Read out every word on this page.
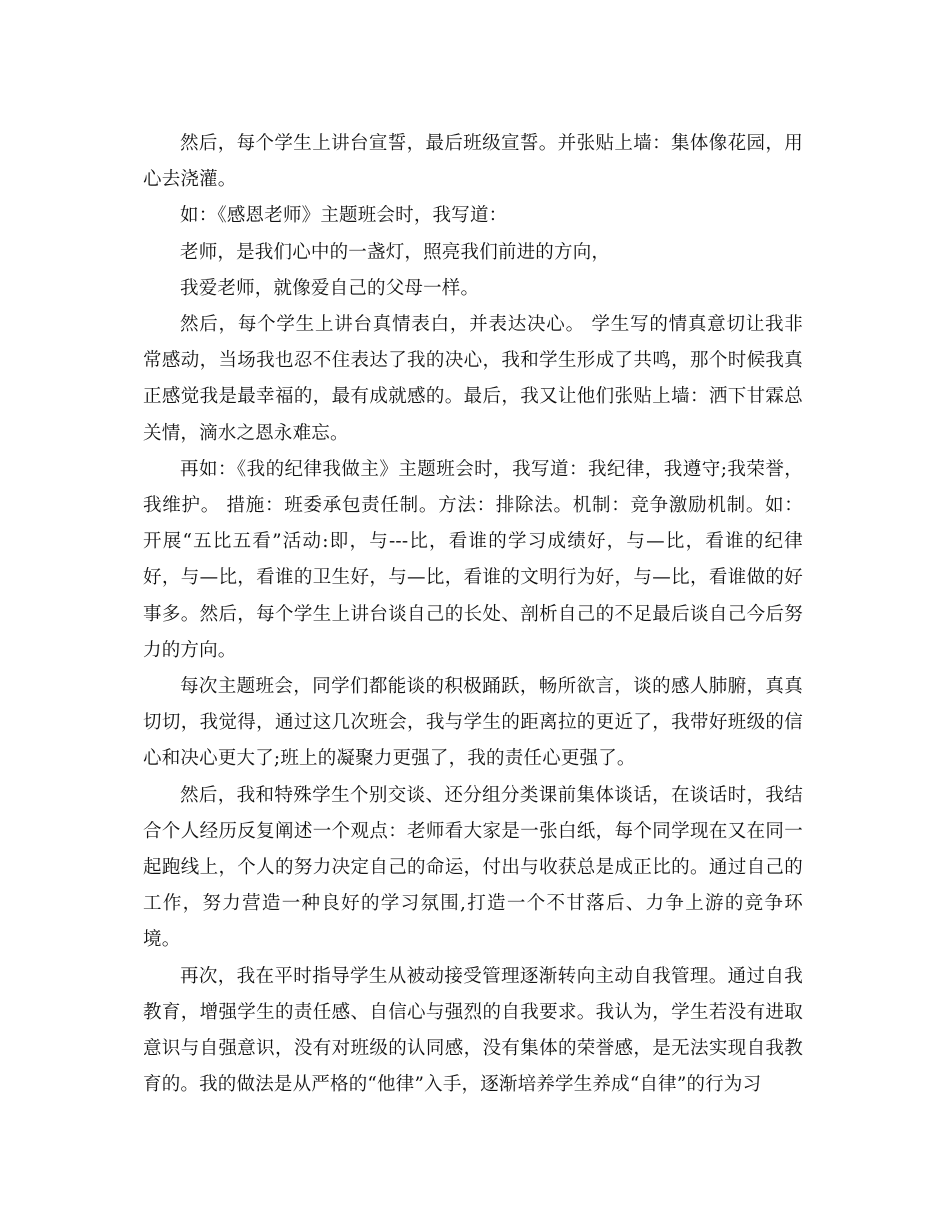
然后，每个学生上讲台宣誓，最后班级宣誓。并张贴上墙：集体像花园，用心去浇灌。

如：《感恩老师》主题班会时，我写道：

老师，是我们心中的一盏灯，照亮我们前进的方向，

我爱老师，就像爱自己的父母一样。

然后，每个学生上讲台真情表白，并表达决心。 学生写的情真意切让我非常感动，当场我也忍不住表达了我的决心，我和学生形成了共鸣，那个时候我真正感觉我是最幸福的，最有成就感的。最后，我又让他们张贴上墙：洒下甘霖总关情，滴水之恩永难忘。

再如：《我的纪律我做主》主题班会时，我写道：我纪律，我遵守;我荣誉，我维护。 措施：班委承包责任制。方法：排除法。机制：竞争激励机制。如：开展“五比五看”活动:即，与---比，看谁的学习成绩好，与—比，看谁的纪律好，与—比，看谁的卫生好，与—比，看谁的文明行为好，与—比，看谁做的好事多。然后，每个学生上讲台谈自己的长处、剖析自己的不足最后谈自己今后努力的方向。

每次主题班会，同学们都能谈的积极踊跃，畅所欲言，谈的感人肺腑，真真切切，我觉得，通过这几次班会，我与学生的距离拉的更近了，我带好班级的信心和决心更大了;班上的凝聚力更强了，我的责任心更强了。

然后，我和特殊学生个别交谈、还分组分类课前集体谈话，在谈话时，我结合个人经历反复阐述一个观点：老师看大家是一张白纸，每个同学现在又在同一起跑线上，个人的努力决定自己的命运，付出与收获总是成正比的。通过自己的工作，努力营造一种良好的学习氛围,打造一个不甘落后、力争上游的竞争环境。

再次，我在平时指导学生从被动接受管理逐渐转向主动自我管理。通过自我教育，增强学生的责任感、自信心与强烈的自我要求。我认为，学生若没有进取意识与自强意识，没有对班级的认同感，没有集体的荣誉感，是无法实现自我教育的。我的做法是从严格的“他律”入手，逐渐培养学生养成“自律”的行为习
